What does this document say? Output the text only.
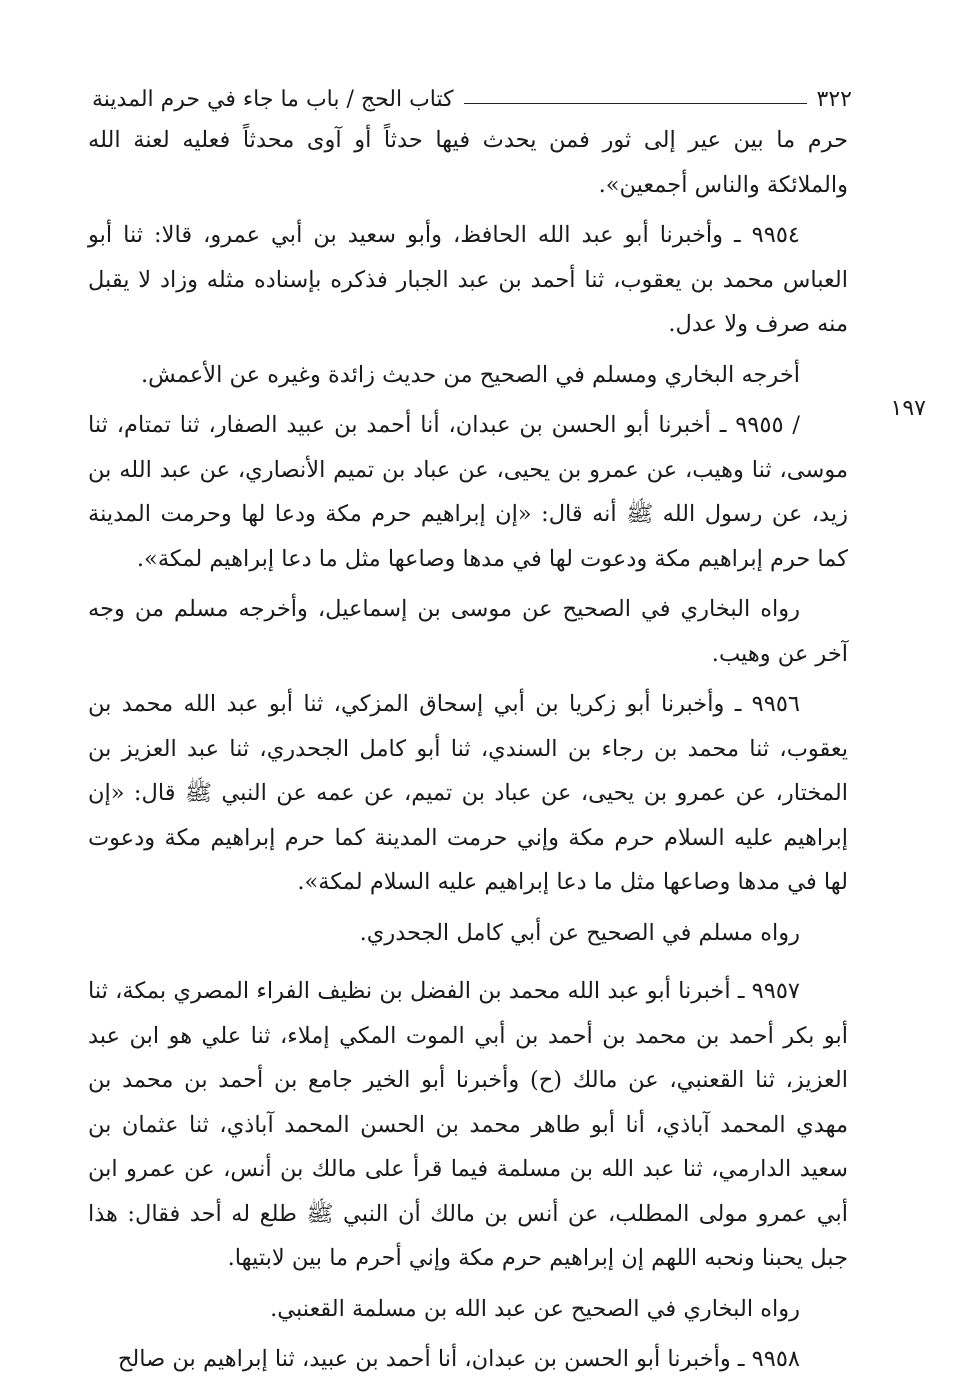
٣٢٢
كتاب الحج / باب ما جاء في حرم المدينة
١٩٧

حرم ما بين عير إلى ثور فمن يحدث فيها حدثاً أو آوى محدثاً فعليه لعنة الله والملائكة والناس أجمعين».

٩٩٥٤ ـ وأخبرنا أبو عبد الله الحافظ، وأبو سعيد بن أبي عمرو، قالا: ثنا أبو العباس محمد بن يعقوب، ثنا أحمد بن عبد الجبار فذكره بإسناده مثله وزاد لا يقبل منه صرف ولا عدل.

أخرجه البخاري ومسلم في الصحيح من حديث زائدة وغيره عن الأعمش.

/ ٩٩٥٥ ـ أخبرنا أبو الحسن بن عبدان، أنا أحمد بن عبيد الصفار، ثنا تمتام، ثنا موسى، ثنا وهيب، عن عمرو بن يحيى، عن عباد بن تميم الأنصاري، عن عبد الله بن زيد، عن رسول الله ﷺ أنه قال: «إن إبراهيم حرم مكة ودعا لها وحرمت المدينة كما حرم إبراهيم مكة ودعوت لها في مدها وصاعها مثل ما دعا إبراهيم لمكة».

رواه البخاري في الصحيح عن موسى بن إسماعيل، وأخرجه مسلم من وجه آخر عن وهيب.

٩٩٥٦ ـ وأخبرنا أبو زكريا بن أبي إسحاق المزكي، ثنا أبو عبد الله محمد بن يعقوب، ثنا محمد بن رجاء بن السندي، ثنا أبو كامل الجحدري، ثنا عبد العزيز بن المختار، عن عمرو بن يحيى، عن عباد بن تميم، عن عمه عن النبي ﷺ قال: «إن إبراهيم عليه السلام حرم مكة وإني حرمت المدينة كما حرم إبراهيم مكة ودعوت لها في مدها وصاعها مثل ما دعا إبراهيم عليه السلام لمكة».

رواه مسلم في الصحيح عن أبي كامل الجحدري.

٩٩٥٧ ـ أخبرنا أبو عبد الله محمد بن الفضل بن نظيف الفراء المصري بمكة، ثنا أبو بكر أحمد بن محمد بن أحمد بن أبي الموت المكي إملاء، ثنا علي هو ابن عبد العزيز، ثنا القعنبي، عن مالك (ح) وأخبرنا أبو الخير جامع بن أحمد بن محمد بن مهدي المحمد آباذي، أنا أبو طاهر محمد بن الحسن المحمد آباذي، ثنا عثمان بن سعيد الدارمي، ثنا عبد الله بن مسلمة فيما قرأ على مالك بن أنس، عن عمرو ابن أبي عمرو مولى المطلب، عن أنس بن مالك أن النبي ﷺ طلع له أحد فقال: هذا جبل يحبنا ونحبه اللهم إن إبراهيم حرم مكة وإني أحرم ما بين لابتيها.

رواه البخاري في الصحيح عن عبد الله بن مسلمة القعنبي.

٩٩٥٨ ـ وأخبرنا أبو الحسن بن عبدان، أنا أحمد بن عبيد، ثنا إبراهيم بن صالح
